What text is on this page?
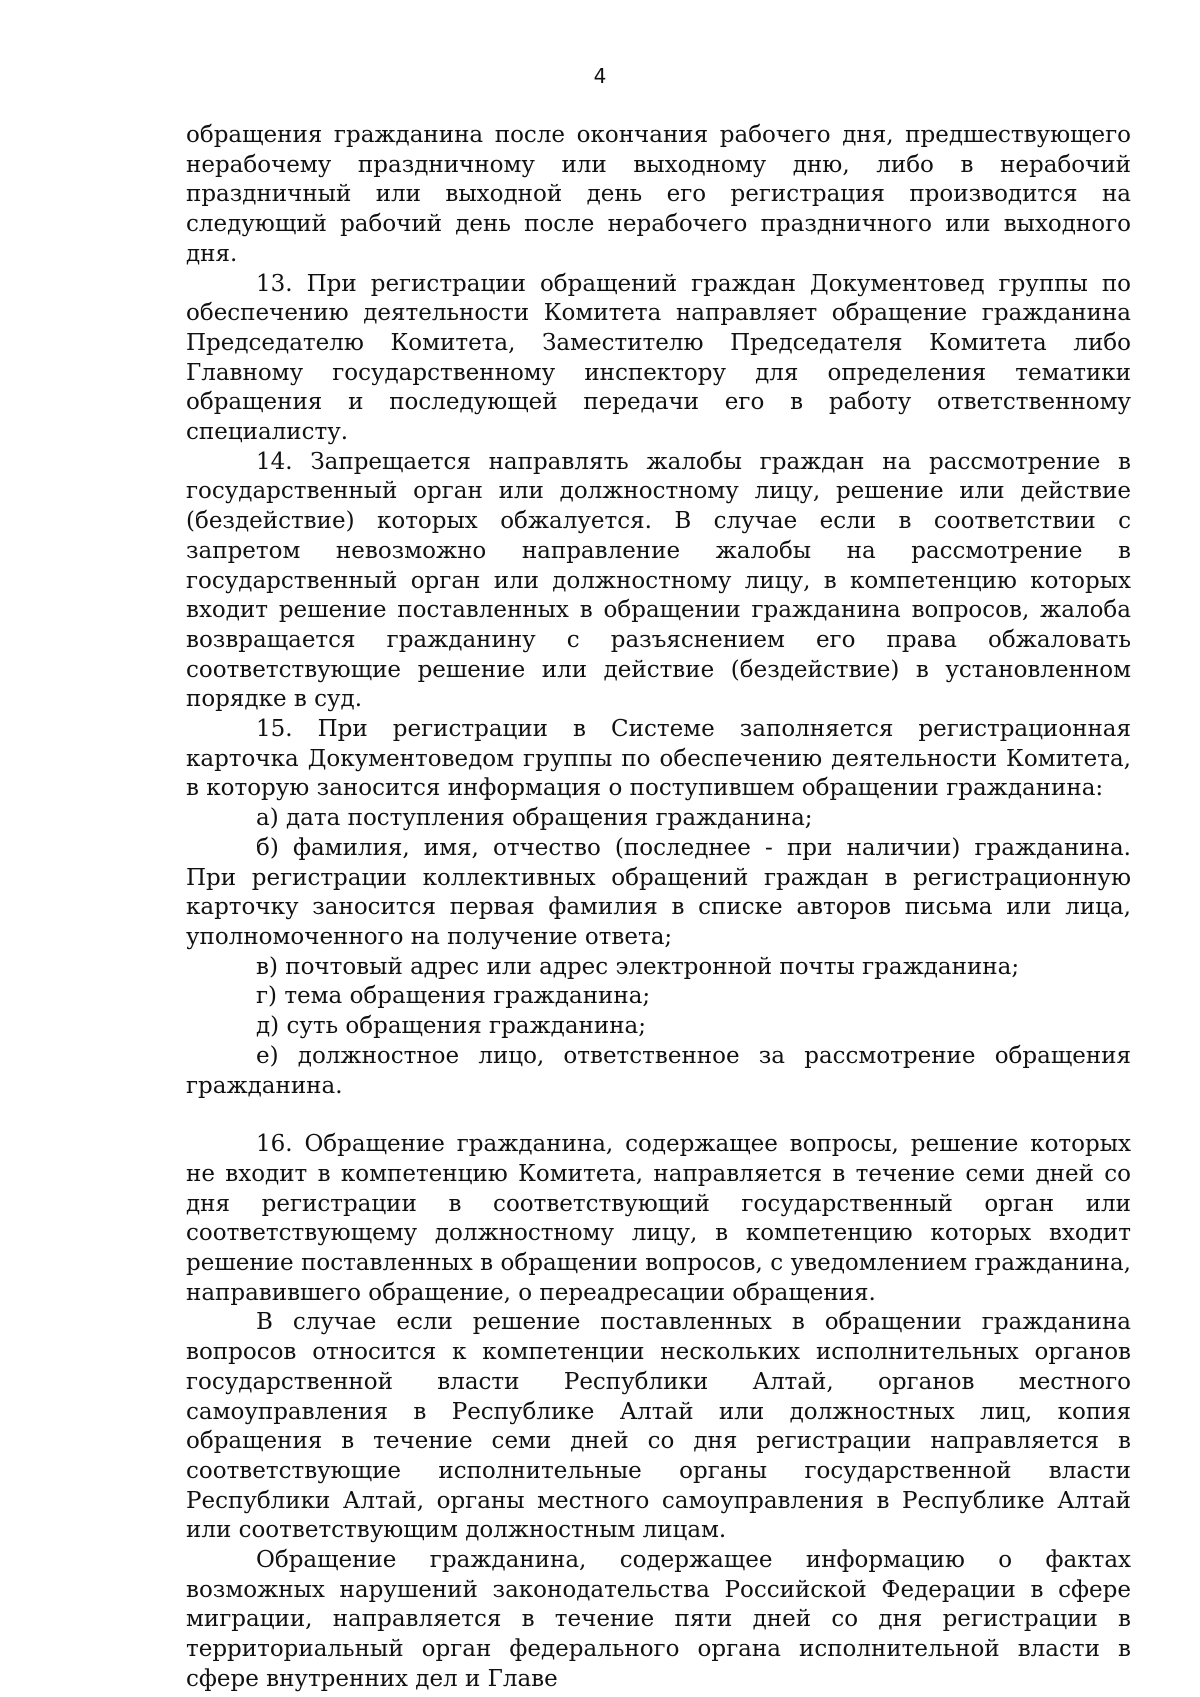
4

обращения гражданина после окончания рабочего дня, предшествующего нерабочему праздничному или выходному дню, либо в нерабочий праздничный или выходной день его регистрация производится на следующий рабочий день после нерабочего праздничного или выходного дня.

13. При регистрации обращений граждан Документовед группы по обеспечению деятельности Комитета направляет обращение гражданина Председателю Комитета, Заместителю Председателя Комитета либо Главному государственному инспектору для определения тематики обращения и последующей передачи его в работу ответственному специалисту.

14. Запрещается направлять жалобы граждан на рассмотрение в государственный орган или должностному лицу, решение или действие (бездействие) которых обжалуется. В случае если в соответствии с запретом невозможно направление жалобы на рассмотрение в государственный орган или должностному лицу, в компетенцию которых входит решение поставленных в обращении гражданина вопросов, жалоба возвращается гражданину с разъяснением его права обжаловать соответствующие решение или действие (бездействие) в установленном порядке в суд.

15. При регистрации в Системе заполняется регистрационная карточка Документоведом группы по обеспечению деятельности Комитета, в которую заносится информация о поступившем обращении гражданина:

а) дата поступления обращения гражданина;

б) фамилия, имя, отчество (последнее - при наличии) гражданина. При регистрации коллективных обращений граждан в регистрационную карточку заносится первая фамилия в списке авторов письма или лица, уполномоченного на получение ответа;

в) почтовый адрес или адрес электронной почты гражданина;

г) тема обращения гражданина;

д) суть обращения гражданина;

е) должностное лицо, ответственное за рассмотрение обращения гражданина.

16. Обращение гражданина, содержащее вопросы, решение которых не входит в компетенцию Комитета, направляется в течение семи дней со дня регистрации в соответствующий государственный орган или соответствующему должностному лицу, в компетенцию которых входит решение поставленных в обращении вопросов, с уведомлением гражданина, направившего обращение, о переадресации обращения.

В случае если решение поставленных в обращении гражданина вопросов относится к компетенции нескольких исполнительных органов государственной власти Республики Алтай, органов местного самоуправления в Республике Алтай или должностных лиц, копия обращения в течение семи дней со дня регистрации направляется в соответствующие исполнительные органы государственной власти Республики Алтай, органы местного самоуправления в Республике Алтай или соответствующим должностным лицам.

Обращение гражданина, содержащее информацию о фактах возможных нарушений законодательства Российской Федерации в сфере миграции, направляется в течение пяти дней со дня регистрации в территориальный орган федерального органа исполнительной власти в сфере внутренних дел и Главе
